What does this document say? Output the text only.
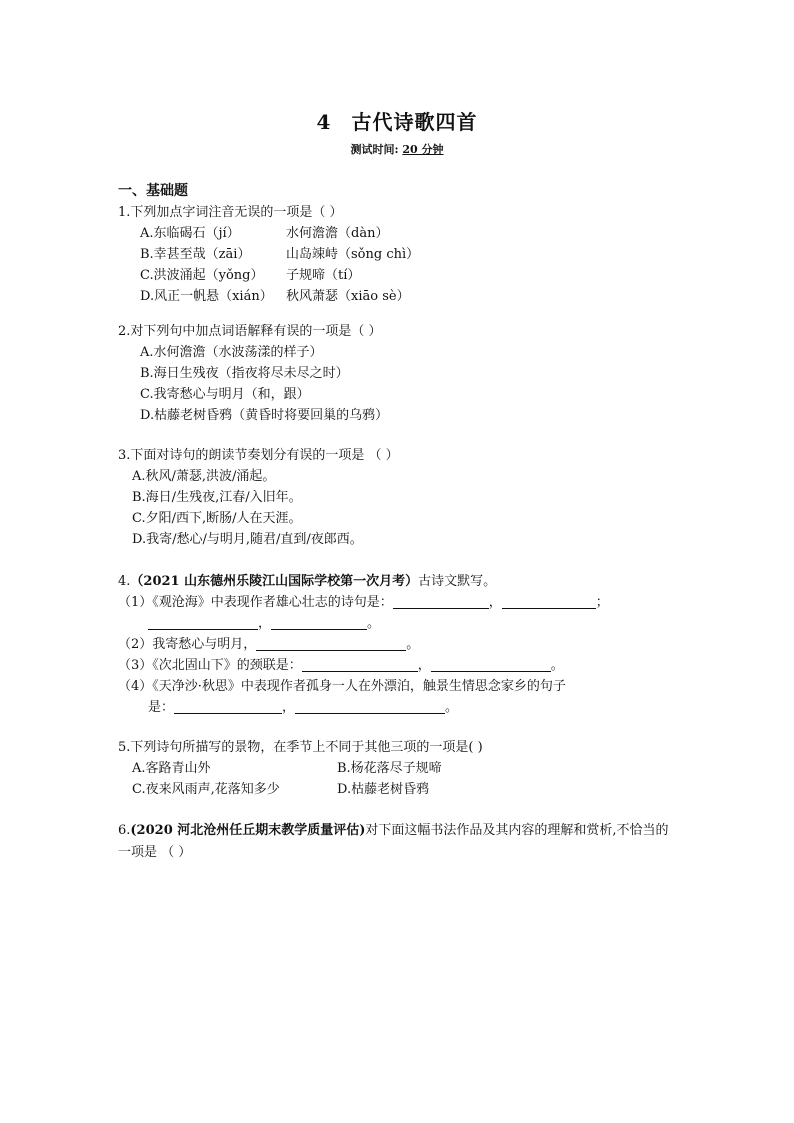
4 古代诗歌四首
测试时间: 20 分钟
一、基础题
1.下列加点字词注音无误的一项是（ ）
A.东临碣石（jí）	水何澹澹（dàn）
B.幸甚至哉（zāi）	山岛竦峙（sǒng chì）
C.洪波涌起（yǒng） 子规啼（tí）
D.风正一帆悬（xián） 秋风萧瑟（xiāo sè）
2.对下列句中加点词语解释有误的一项是（ ）
A.水何澹澹（水波荡漾的样子）
B.海日生残夜（指夜将尽未尽之时）
C.我寄愁心与明月（和，跟）
D.枯藤老树昏鸦（黄昏时将要回巢的乌鸦）
3.下面对诗句的朗读节奏划分有误的一项是 （ ）
A.秋风/萧瑟,洪波/涌起。
B.海日/生残夜,江春/入旧年。
C.夕阳/西下,断肠/人在天涯。
D.我寄/愁心/与明月,随君/直到/夜郎西。
4.（2021 山东德州乐陵江山国际学校第一次月考）古诗文默写。
（1）《观沧海》中表现作者雄心壮志的诗句是：	，	；
，	。
（2）我寄愁心与明月，	。
（3）《次北固山下》的颈联是：	，	。
（4）《天净沙·秋思》中表现作者孤身一人在外漂泊，触景生情思念家乡的句子
是：	，	。
5.下列诗句所描写的景物，在季节上不同于其他三项的一项是( )
A.客路青山外	B.杨花落尽子规啼
C.夜来风雨声,花落知多少	D.枯藤老树昏鸦
6.(2020 河北沧州任丘期末教学质量评估)对下面这幅书法作品及其内容的理解和赏析,不恰当的一项是 （ ）
